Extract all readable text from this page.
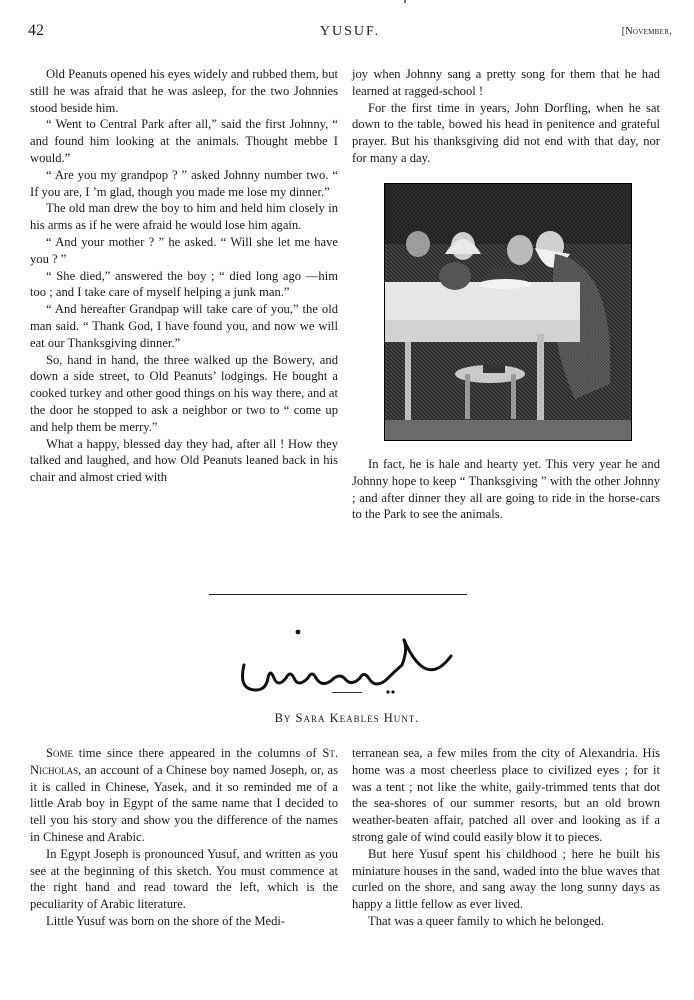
42	YUSUF.	[November,

Old Peanuts opened his eyes widely and rubbed them, but still he was afraid that he was asleep, for the two Johnnies stood beside him.

“ Went to Central Park after all,” said the first Johnny, “ and found him looking at the animals. Thought mebbe I would.”

“ Are you my grandpop ? ” asked Johnny number two. “ If you are, I ’m glad, though you made me lose my dinner.”

The old man drew the boy to him and held him closely in his arms as if he were afraid he would lose him again.

“ And your mother ? ” he asked. “ Will she let me have you ? ”

“ She died,” answered the boy ; “ died long ago —him too ; and I take care of myself helping a junk man.”

“ And hereafter Grandpap will take care of you,” the old man said. “ Thank God, I have found you, and now we will eat our Thanksgiving dinner.”

So, hand in hand, the three walked up the Bowery, and down a side street, to Old Peanuts’ lodgings. He bought a cooked turkey and other good things on his way there, and at the door he stopped to ask a neighbor or two to “ come up and help them be merry.”

What a happy, blessed day they had, after all ! How they talked and laughed, and how Old Peanuts leaned back in his chair and almost cried with

joy when Johnny sang a pretty song for them that he had learned at ragged-school !

For the first time in years, John Dorfling, when he sat down to the table, bowed his head in penitence and grateful prayer. But his thanksgiving did not end with that day, nor for many a day.

In fact, he is hale and hearty yet. This very year he and Johnny hope to keep “ Thanksgiving ” with the other Johnny ; and after dinner they all are going to ride in the horse-cars to the Park to see the animals.

By Sara Keables Hunt.

Some time since there appeared in the columns of St. Nicholas, an account of a Chinese boy named Joseph, or, as it is called in Chinese, Yasek, and it so reminded me of a little Arab boy in Egypt of the same name that I decided to tell you his story and show you the difference of the names in Chinese and Arabic.

In Egypt Joseph is pronounced Yusuf, and written as you see at the beginning of this sketch. You must commence at the right hand and read toward the left, which is the peculiarity of Arabic literature.

Little Yusuf was born on the shore of the Medi-

terranean sea, a few miles from the city of Alexandria. His home was a most cheerless place to civilized eyes ; for it was a tent ; not like the white, gaily-trimmed tents that dot the sea-shores of our summer resorts, but an old brown weather-beaten affair, patched all over and looking as if a strong gale of wind could easily blow it to pieces.

But here Yusuf spent his childhood ; here he built his miniature houses in the sand, waded into the blue waves that curled on the shore, and sang away the long sunny days as happy a little fellow as ever lived.

That was a queer family to which he belonged.
